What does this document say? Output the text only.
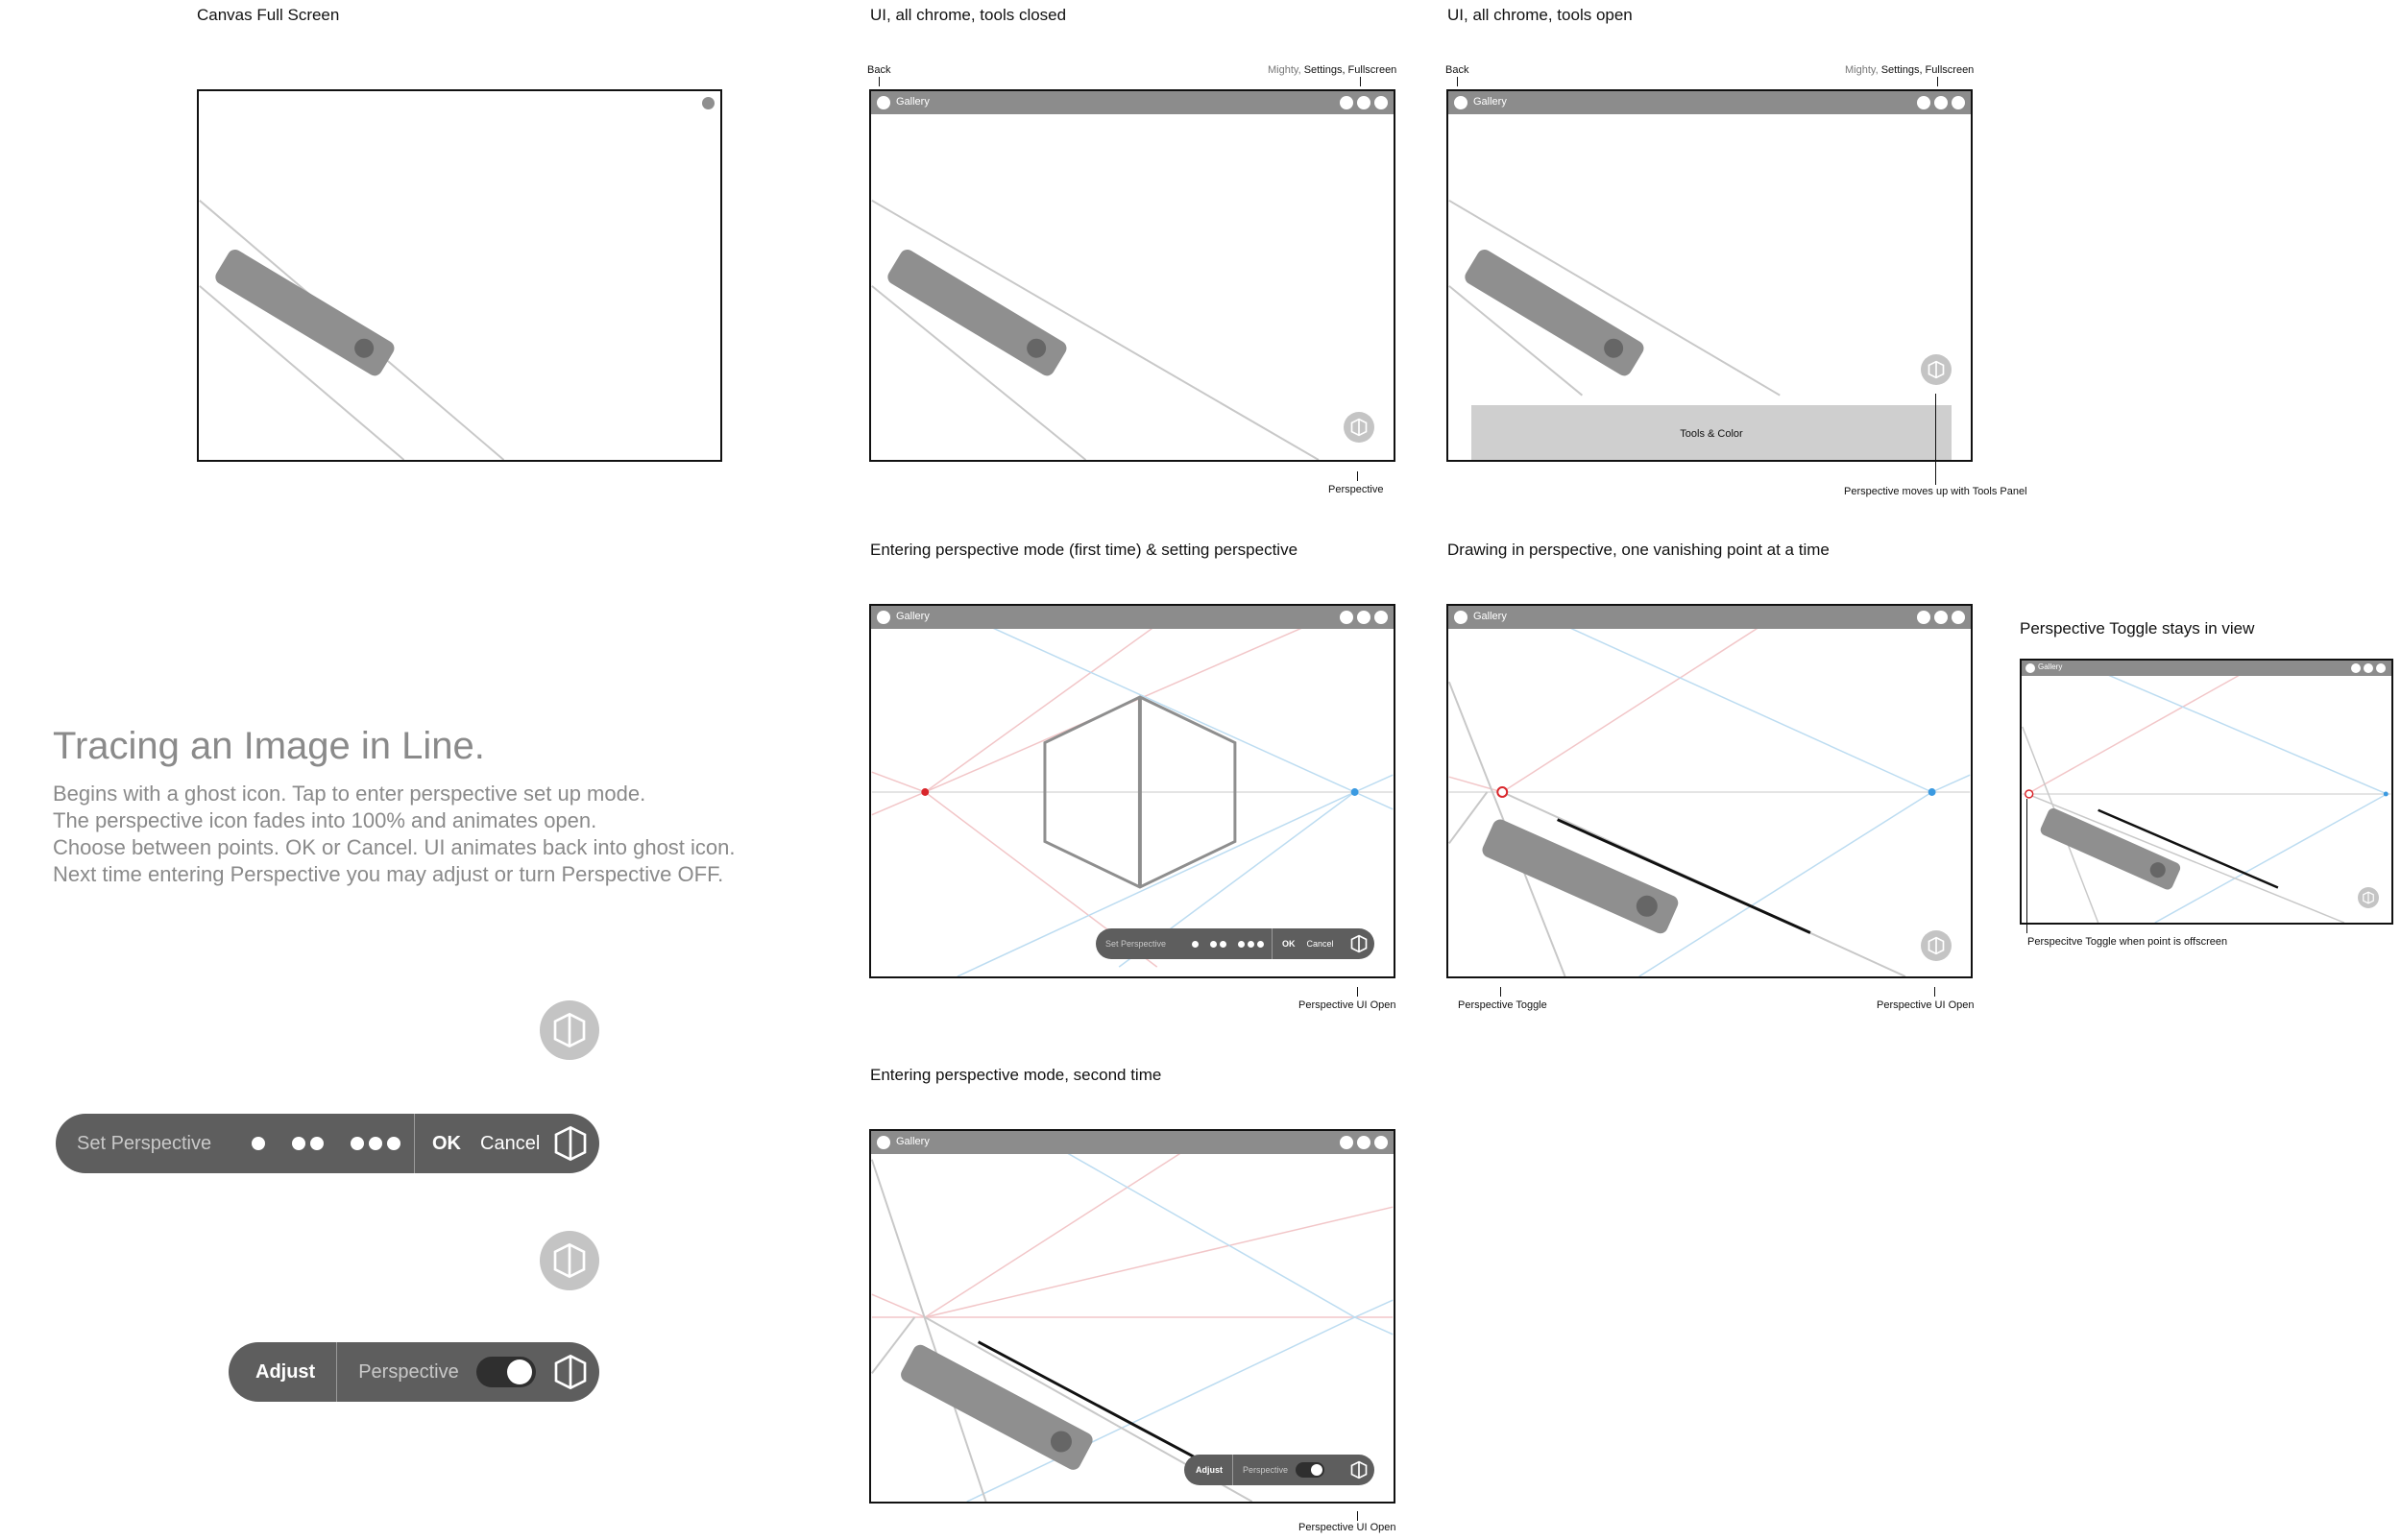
Canvas Full Screen	UI, all chrome, tools closed
Back	Mighty, Settings, Fullscreen
Gallery
Perspective
UI, all chrome, tools open
Back	Mighty, Settings, Fullscreen
Gallery
Tools & Color
Perspective moves up with Tools Panel
Tracing an Image in Line.
Begins with a ghost icon. Tap to enter perspective set up mode.
The perspective icon fades into 100% and animates open.
Choose between points. OK or Cancel. UI animates back into ghost icon.
Next time entering Perspective you may adjust or turn Perspective OFF.
Entering perspective mode (first time) & setting perspective
Gallery
Set Perspective	OK Cancel
Perspective UI Open
Drawing in perspective, one vanishing point at a time
Gallery
Perspective Toggle	Perspective UI Open
Perspective Toggle stays in view
Gallery
Perspecitve Toggle when point is offscreen
Entering perspective mode, second time
Gallery
Adjust Perspective
Perspective UI Open
Set Perspective	OK Cancel
Adjust Perspective
